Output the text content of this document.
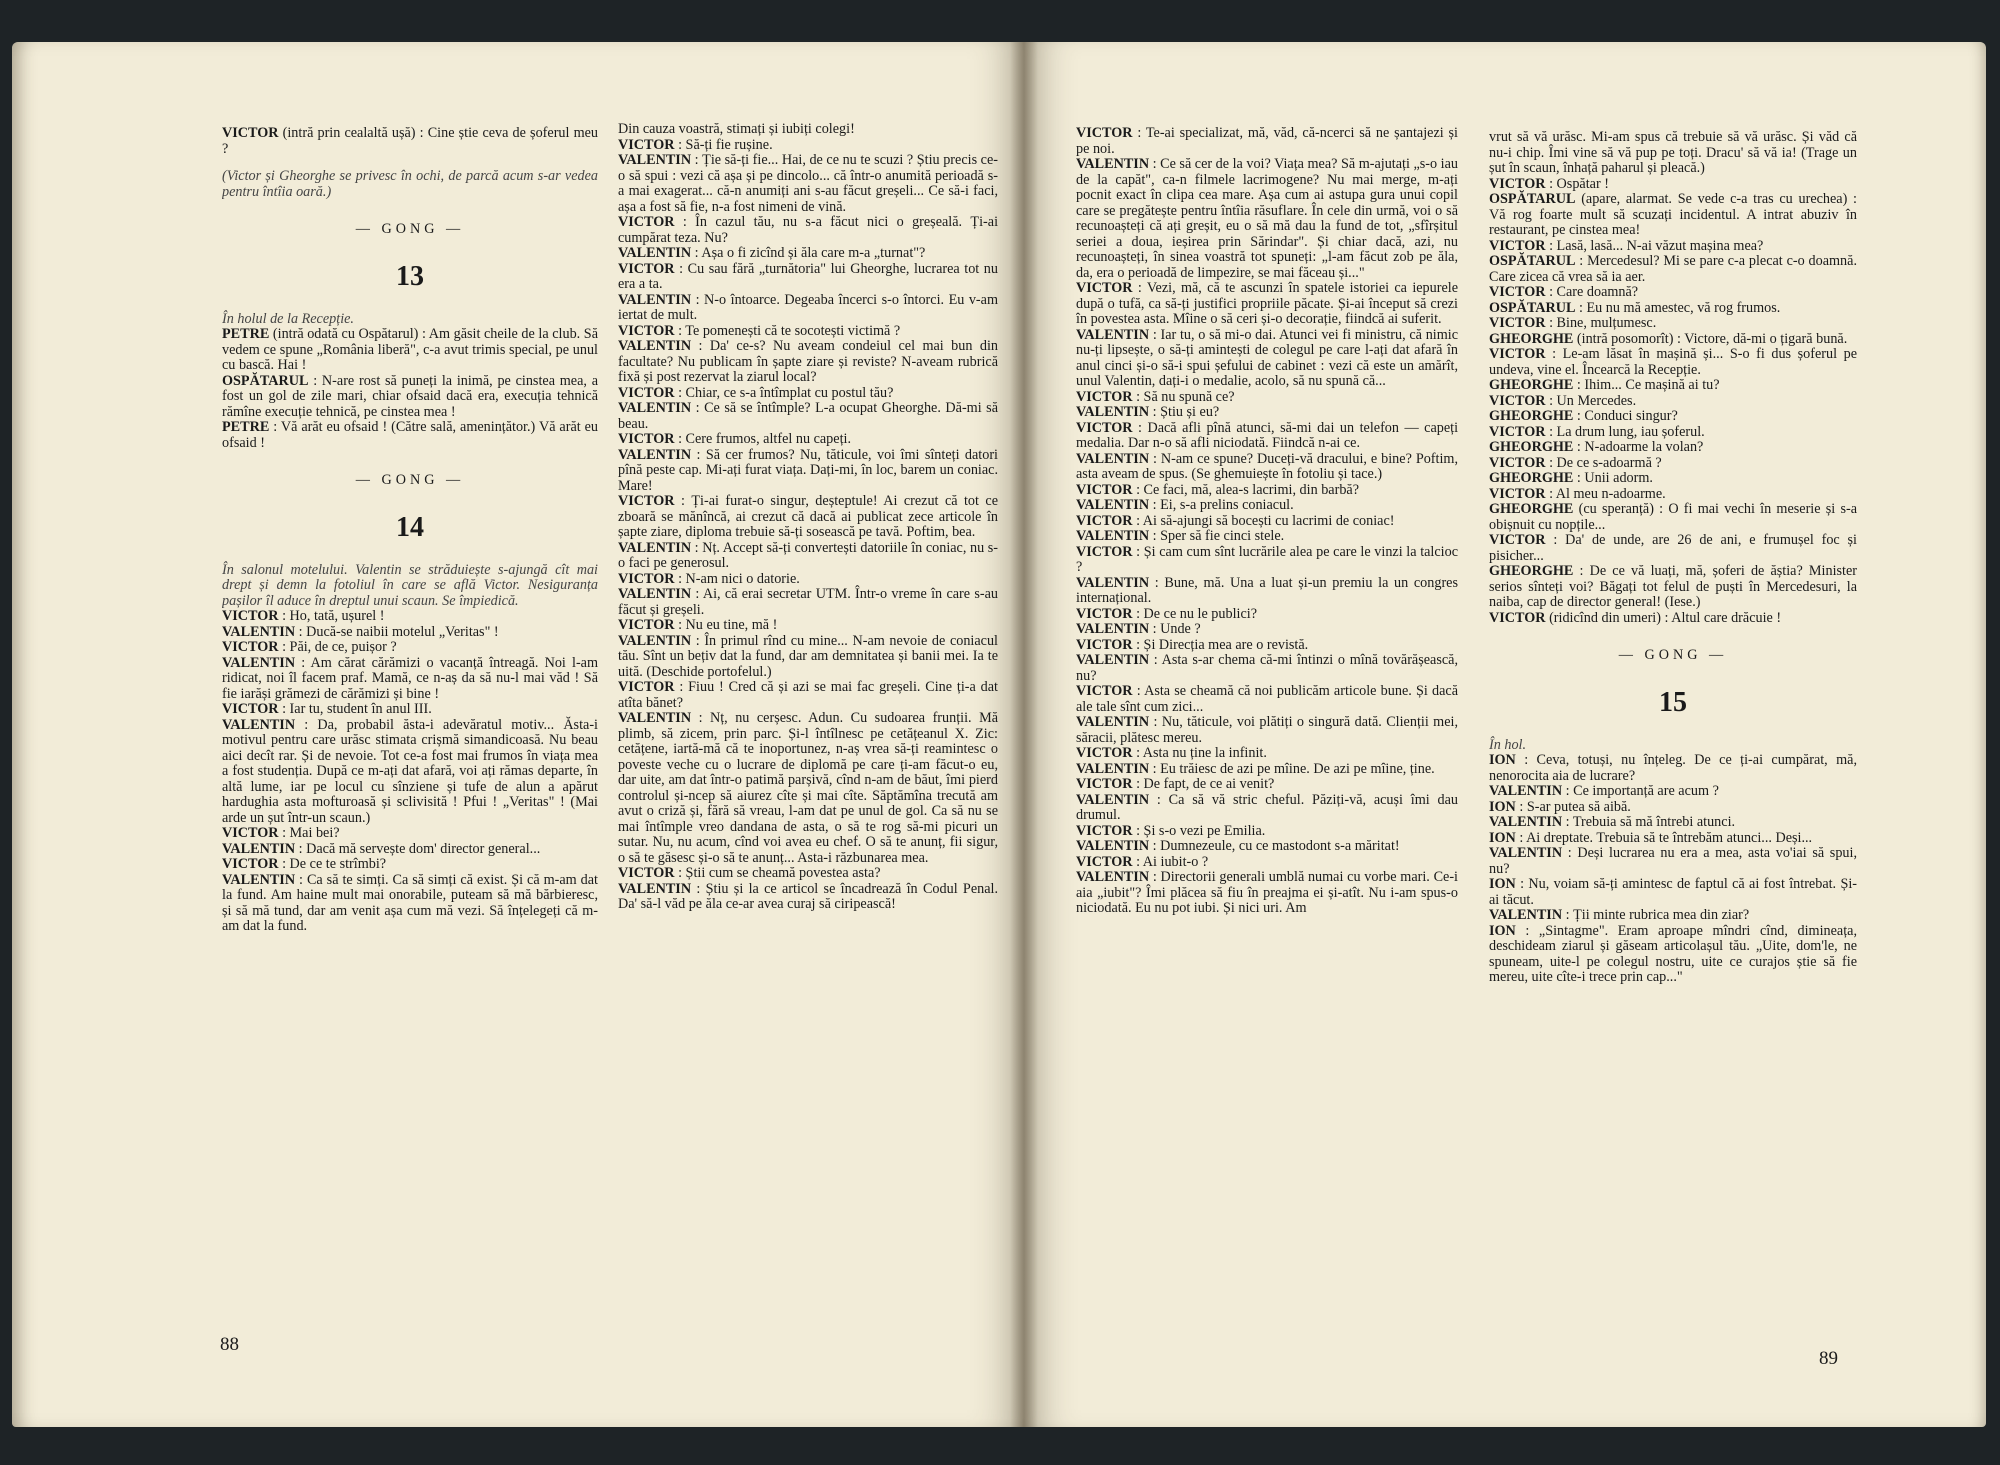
VICTOR (intră prin cealaltă ușă) : Cine știe ceva de șoferul meu ?

(Victor și Gheorghe se privesc în ochi, de parcă acum s-ar vedea pentru întîia oară.)

— GONG —

13

În holul de la Recepție.

PETRE (intră odată cu Ospătarul) : Am găsit cheile de la club. Să vedem ce spune „România liberă", c-a avut trimis special, pe unul cu bască. Hai !

OSPĂTARUL : N-are rost să puneți la inimă, pe cinstea mea, a fost un gol de zile mari, chiar ofsaid dacă era, execuția tehnică rămîne execuție tehnică, pe cinstea mea !

PETRE : Vă arăt eu ofsaid ! (Către sală, amenințător.) Vă arăt eu ofsaid !

— GONG —

14

În salonul motelului. Valentin se străduiește s-ajungă cît mai drept și demn la fotoliul în care se află Victor. Nesiguranța pașilor îl aduce în dreptul unui scaun. Se împiedică.

VICTOR : Ho, tată, ușurel !

VALENTIN : Ducă-se naibii motelul „Veritas" !

VICTOR : Păi, de ce, puișor ?

VALENTIN : Am cărat cărămizi o vacanță întreagă. Noi l-am ridicat, noi îl facem praf. Mamă, ce n-aș da să nu-l mai văd ! Să fie iarăși grămezi de cărămizi și bine !

VICTOR : Iar tu, student în anul III.

VALENTIN : Da, probabil ăsta-i adevăratul motiv... Ăsta-i motivul pentru care urăsc stimata crișmă simandicoasă. Nu beau aici decît rar. Și de nevoie. Tot ce-a fost mai frumos în viața mea a fost studenția. După ce m-ați dat afară, voi ați rămas departe, în altă lume, iar pe locul cu sînziene și tufe de alun a apărut hardughia asta mofturoasă și sclivisită ! Pfui ! „Veritas" ! (Mai arde un șut într-un scaun.)

VICTOR : Mai bei?

VALENTIN : Dacă mă servește dom' director general...

VICTOR : De ce te strîmbi?

VALENTIN : Ca să te simți. Ca să simți că exist. Și că m-am dat la fund. Am haine mult mai onorabile, puteam să mă bărbieresc, și să mă tund, dar am venit așa cum mă vezi. Să înțelegeți că m-am dat la fund.

Din cauza voastră, stimați și iubiți colegi!

VICTOR : Să-ți fie rușine.

VALENTIN : Ție să-ți fie... Hai, de ce nu te scuzi ? Știu precis ce-o să spui : vezi că așa și pe dincolo... că într-o anumită perioadă s-a mai exagerat... că-n anumiți ani s-au făcut greșeli... Ce să-i faci, așa a fost să fie, n-a fost nimeni de vină.

VICTOR : În cazul tău, nu s-a făcut nici o greșeală. Ți-ai cumpărat teza. Nu?

VALENTIN : Așa o fi zicînd și ăla care m-a „turnat"?

VICTOR : Cu sau fără „turnătoria" lui Gheorghe, lucrarea tot nu era a ta.

VALENTIN : N-o întoarce. Degeaba încerci s-o întorci. Eu v-am iertat de mult.

VICTOR : Te pomenești că te socotești victimă ?

VALENTIN : Da' ce-s? Nu aveam condeiul cel mai bun din facultate? Nu publicam în șapte ziare și reviste? N-aveam rubrică fixă și post rezervat la ziarul local?

VICTOR : Chiar, ce s-a întîmplat cu postul tău?

VALENTIN : Ce să se întîmple? L-a ocupat Gheorghe. Dă-mi să beau.

VICTOR : Cere frumos, altfel nu capeți.

VALENTIN : Să cer frumos? Nu, tăticule, voi îmi sînteți datori pînă peste cap. Mi-ați furat viața. Dați-mi, în loc, barem un coniac. Mare!

VICTOR : Ți-ai furat-o singur, deșteptule! Ai crezut că tot ce zboară se mănîncă, ai crezut că dacă ai publicat zece articole în șapte ziare, diploma trebuie să-ți sosească pe tavă. Poftim, bea.

VALENTIN : Nț. Accept să-ți convertești datoriile în coniac, nu s-o faci pe generosul.

VICTOR : N-am nici o datorie.

VALENTIN : Ai, că erai secretar UTM. Într-o vreme în care s-au făcut și greșeli.

VICTOR : Nu eu tine, mă !

VALENTIN : În primul rînd cu mine... N-am nevoie de coniacul tău. Sînt un bețiv dat la fund, dar am demnitatea și banii mei. Ia te uită. (Deschide portofelul.)

VICTOR : Fiuu ! Cred că și azi se mai fac greșeli. Cine ți-a dat atîta bănet?

VALENTIN : Nț, nu cerșesc. Adun. Cu sudoarea frunții. Mă plimb, să zicem, prin parc. Și-l întîlnesc pe cetățeanul X. Zic: cetățene, iartă-mă că te inoportunez, n-aș vrea să-ți reamintesc o poveste veche cu o lucrare de diplomă pe care ți-am făcut-o eu, dar uite, am dat într-o patimă parșivă, cînd n-am de băut, îmi pierd controlul și-ncep să aiurez cîte și mai cîte. Săptămîna trecută am avut o criză și, fără să vreau, l-am dat pe unul de gol. Ca să nu se mai întîmple vreo dandana de asta, o să te rog să-mi picuri un sutar. Nu, nu acum, cînd voi avea eu chef. O să te anunț, fii sigur, o să te găsesc și-o să te anunț... Asta-i răzbunarea mea.

VICTOR : Știi cum se cheamă povestea asta?

VALENTIN : Știu și la ce articol se încadrează în Codul Penal. Da' să-l văd pe ăla ce-ar avea curaj să ciripească!

88

VICTOR : Te-ai specializat, mă, văd, că-ncerci să ne șantajezi și pe noi.

VALENTIN : Ce să cer de la voi? Viața mea? Să m-ajutați „s-o iau de la capăt", ca-n filmele lacrimogene? Nu mai merge, m-ați pocnit exact în clipa cea mare. Așa cum ai astupa gura unui copil care se pregătește pentru întîia răsuflare. În cele din urmă, voi o să recunoașteți că ați greșit, eu o să mă dau la fund de tot, „sfîrșitul seriei a doua, ieșirea prin Sărindar". Și chiar dacă, azi, nu recunoașteți, în sinea voastră tot spuneți: „l-am făcut zob pe ăla, da, era o perioadă de limpezire, se mai făceau și..."

VICTOR : Vezi, mă, că te ascunzi în spatele istoriei ca iepurele după o tufă, ca să-ți justifici propriile păcate. Și-ai început să crezi în povestea asta. Mîine o să ceri și-o decorație, fiindcă ai suferit.

VALENTIN : Iar tu, o să mi-o dai. Atunci vei fi ministru, că nimic nu-ți lipsește, o să-ți amintești de colegul pe care l-ați dat afară în anul cinci și-o să-i spui șefului de cabinet : vezi că este un amărît, unul Valentin, dați-i o medalie, acolo, să nu spună că...

VICTOR : Să nu spună ce?

VALENTIN : Știu și eu?

VICTOR : Dacă afli pînă atunci, să-mi dai un telefon — capeți medalia. Dar n-o să afli niciodată. Fiindcă n-ai ce.

VALENTIN : N-am ce spune? Duceți-vă dracului, e bine? Poftim, asta aveam de spus. (Se ghemuiește în fotoliu și tace.)

VICTOR : Ce faci, mă, alea-s lacrimi, din barbă?

VALENTIN : Ei, s-a prelins coniacul.

VICTOR : Ai să-ajungi să bocești cu lacrimi de coniac!

VALENTIN : Sper să fie cinci stele.

VICTOR : Și cam cum sînt lucrările alea pe care le vinzi la talcioc ?

VALENTIN : Bune, mă. Una a luat și-un premiu la un congres internațional.

VICTOR : De ce nu le publici?

VALENTIN : Unde ?

VICTOR : Și Direcția mea are o revistă.

VALENTIN : Asta s-ar chema că-mi întinzi o mînă tovărășească, nu?

VICTOR : Asta se cheamă că noi publicăm articole bune. Și dacă ale tale sînt cum zici...

VALENTIN : Nu, tăticule, voi plătiți o singură dată. Clienții mei, săracii, plătesc mereu.

VICTOR : Asta nu ține la infinit.

VALENTIN : Eu trăiesc de azi pe mîine. De azi pe mîine, ține.

VICTOR : De fapt, de ce ai venit?

VALENTIN : Ca să vă stric cheful. Păziți-vă, acuși îmi dau drumul.

VICTOR : Și s-o vezi pe Emilia.

VALENTIN : Dumnezeule, cu ce mastodont s-a măritat!

VICTOR : Ai iubit-o ?

VALENTIN : Directorii generali umblă numai cu vorbe mari. Ce-i aia „iubit"? Îmi plăcea să fiu în preajma ei și-atît. Nu i-am spus-o niciodată. Eu nu pot iubi. Și nici uri. Am

vrut să vă urăsc. Mi-am spus că trebuie să vă urăsc. Și văd că nu-i chip. Îmi vine să vă pup pe toți. Dracu' să vă ia! (Trage un șut în scaun, înhață paharul și pleacă.)

VICTOR : Ospătar !

OSPĂTARUL (apare, alarmat. Se vede c-a tras cu urechea) : Vă rog foarte mult să scuzați incidentul. A intrat abuziv în restaurant, pe cinstea mea!

VICTOR : Lasă, lasă... N-ai văzut mașina mea?

OSPĂTARUL : Mercedesul? Mi se pare c-a plecat c-o doamnă. Care zicea că vrea să ia aer.

VICTOR : Care doamnă?

OSPĂTARUL : Eu nu mă amestec, vă rog frumos.

VICTOR : Bine, mulțumesc.

GHEORGHE (intră posomorît) : Victore, dă-mi o țigară bună.

VICTOR : Le-am lăsat în mașină și... S-o fi dus șoferul pe undeva, vine el. Încearcă la Recepție.

GHEORGHE : Ihim... Ce mașină ai tu?

VICTOR : Un Mercedes.

GHEORGHE : Conduci singur?

VICTOR : La drum lung, iau șoferul.

GHEORGHE : N-adoarme la volan?

VICTOR : De ce s-adoarmă ?

GHEORGHE : Unii adorm.

VICTOR : Al meu n-adoarme.

GHEORGHE (cu speranță) : O fi mai vechi în meserie și s-a obișnuit cu nopțile...

VICTOR : Da' de unde, are 26 de ani, e frumușel foc și pisicher...

GHEORGHE : De ce vă luați, mă, șoferi de ăștia? Minister serios sînteți voi? Băgați tot felul de puști în Mercedesuri, la naiba, cap de director general! (Iese.)

VICTOR (ridicînd din umeri) : Altul care drăcuie !

— GONG —

15

În hol.

ION : Ceva, totuși, nu înțeleg. De ce ți-ai cumpărat, mă, nenorocita aia de lucrare?

VALENTIN : Ce importanță are acum ?

ION : S-ar putea să aibă.

VALENTIN : Trebuia să mă întrebi atunci.

ION : Ai dreptate. Trebuia să te întrebăm atunci... Deși...

VALENTIN : Deși lucrarea nu era a mea, asta vo'iai să spui, nu?

ION : Nu, voiam să-ți amintesc de faptul că ai fost întrebat. Și-ai tăcut.

VALENTIN : Ții minte rubrica mea din ziar?

ION : „Sintagme". Eram aproape mîndri cînd, dimineața, deschideam ziarul și găseam articolașul tău. „Uite, dom'le, ne spuneam, uite-l pe colegul nostru, uite ce curajos știe să fie mereu, uite cîte-i trece prin cap..."

89
